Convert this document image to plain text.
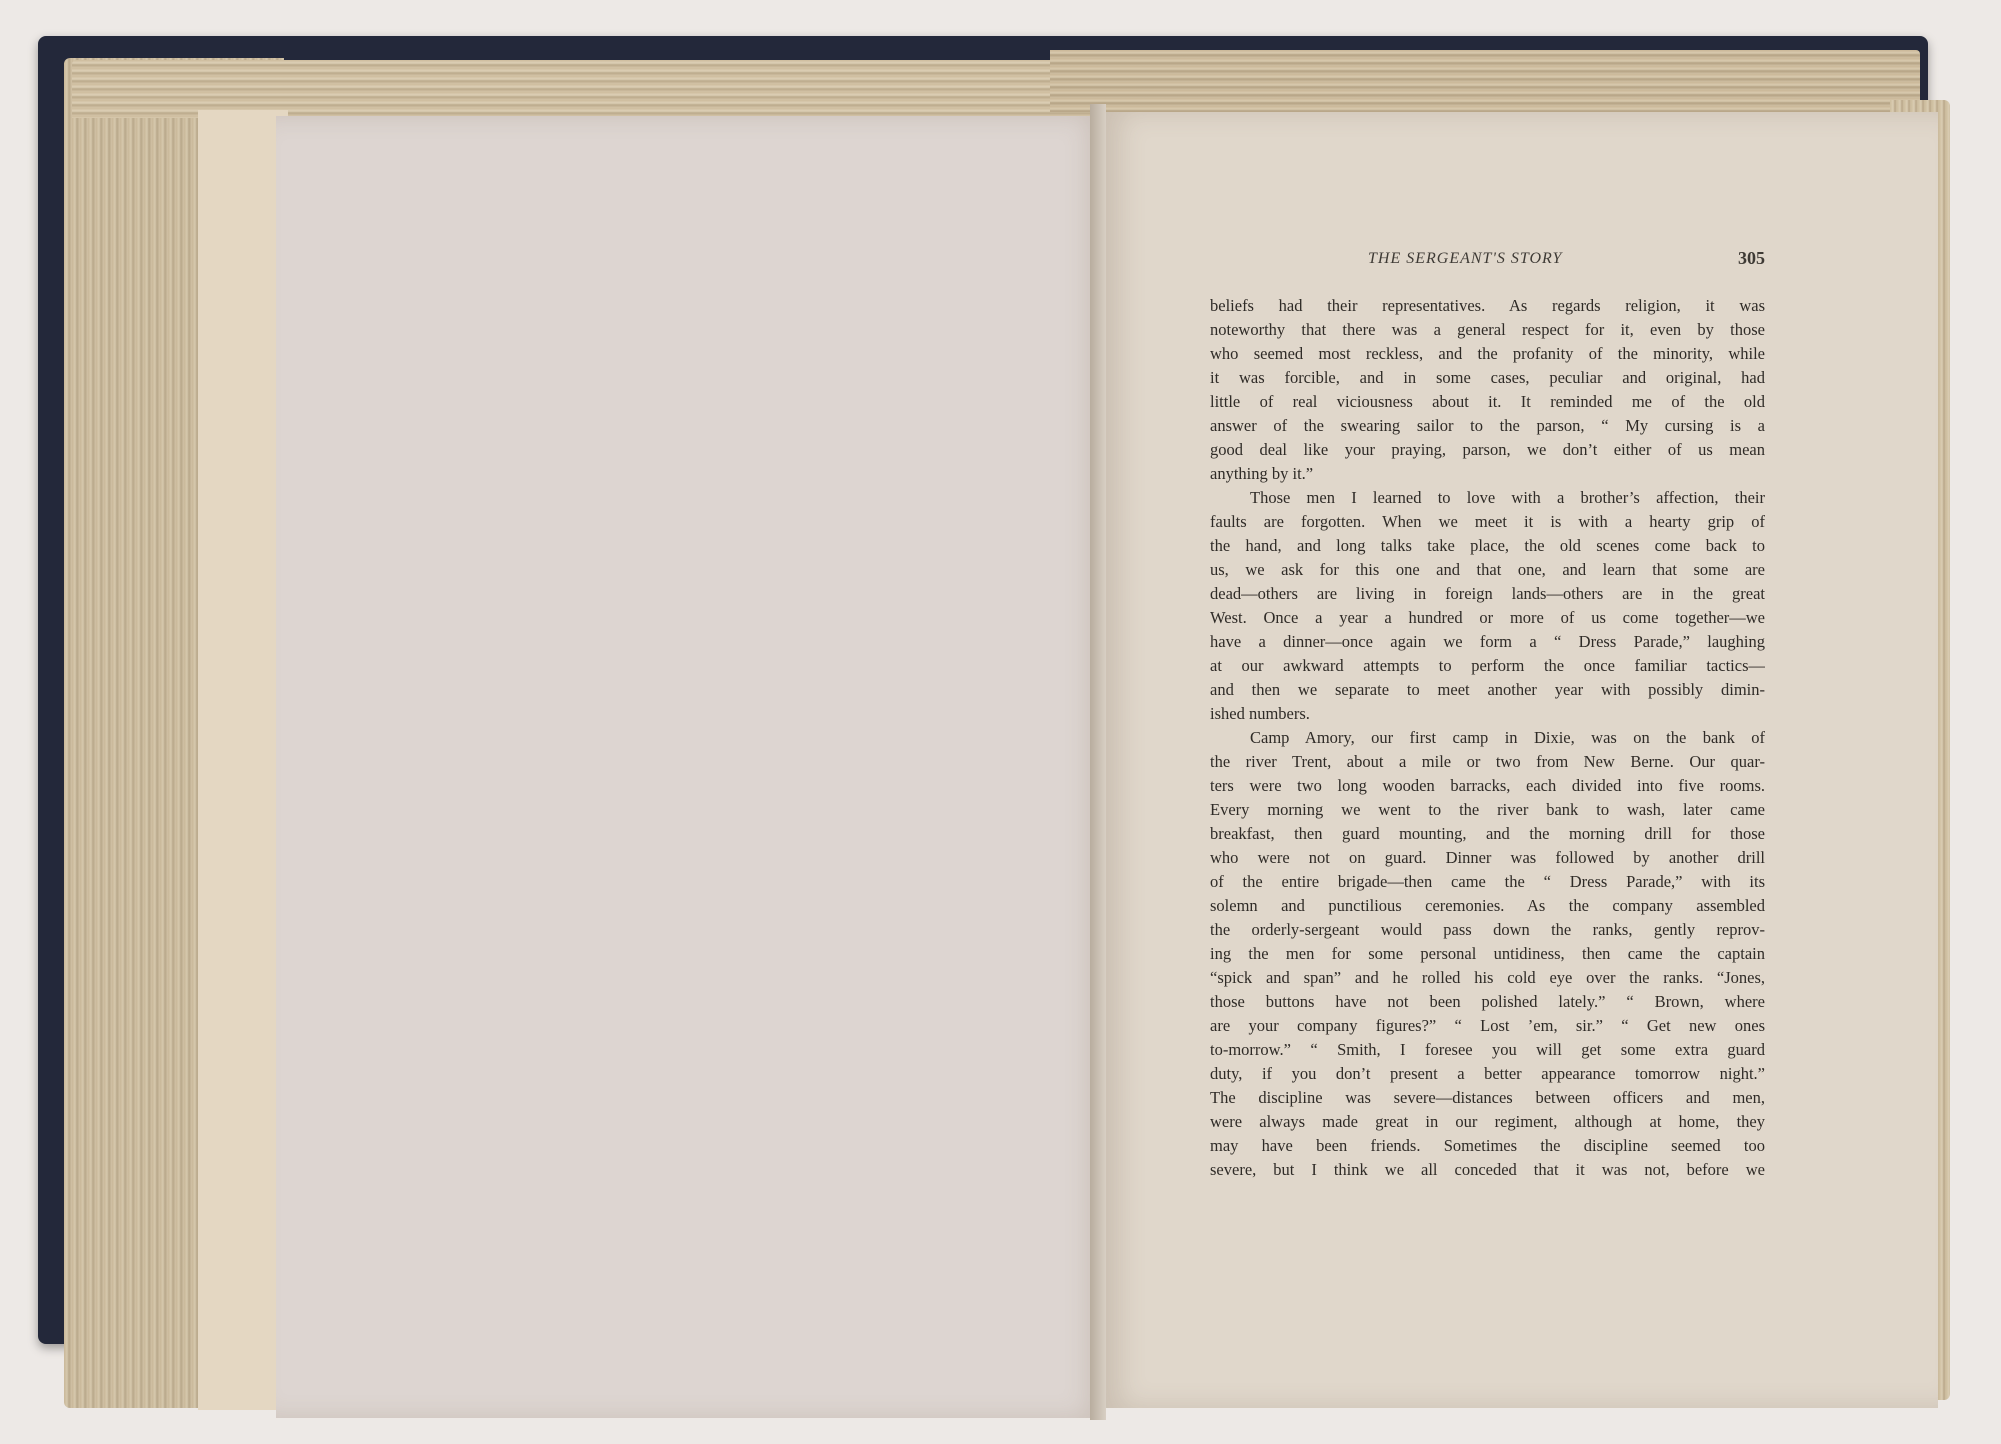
THE SERGEANT'S STORY	305
beliefs had their representatives. As regards religion, it was
noteworthy that there was a general respect for it, even by those
who seemed most reckless, and the profanity of the minority, while
it was forcible, and in some cases, peculiar and original, had
little of real viciousness about it. It reminded me of the old
answer of the swearing sailor to the parson, “ My cursing is a
good deal like your praying, parson, we don’t either of us mean
anything by it.”
Those men I learned to love with a brother’s affection, their
faults are forgotten. When we meet it is with a hearty grip of
the hand, and long talks take place, the old scenes come back to
us, we ask for this one and that one, and learn that some are
dead—others are living in foreign lands—others are in the great
West. Once a year a hundred or more of us come together—we
have a dinner—once again we form a “ Dress Parade,” laughing
at our awkward attempts to perform the once familiar tactics—
and then we separate to meet another year with possibly dimin-
ished numbers.
Camp Amory, our first camp in Dixie, was on the bank of
the river Trent, about a mile or two from New Berne. Our quar-
ters were two long wooden barracks, each divided into five rooms.
Every morning we went to the river bank to wash, later came
breakfast, then guard mounting, and the morning drill for those
who were not on guard. Dinner was followed by another drill
of the entire brigade—then came the “ Dress Parade,” with its
solemn and punctilious ceremonies. As the company assembled
the orderly-sergeant would pass down the ranks, gently reprov-
ing the men for some personal untidiness, then came the captain
“spick and span” and he rolled his cold eye over the ranks. “Jones,
those buttons have not been polished lately.” “ Brown, where
are your company figures?” “ Lost ’em, sir.” “ Get new ones
to-morrow.” “ Smith, I foresee you will get some extra guard
duty, if you don’t present a better appearance tomorrow night.”
The discipline was severe—distances between officers and men,
were always made great in our regiment, although at home, they
may have been friends. Sometimes the discipline seemed too
severe, but I think we all conceded that it was not, before we
